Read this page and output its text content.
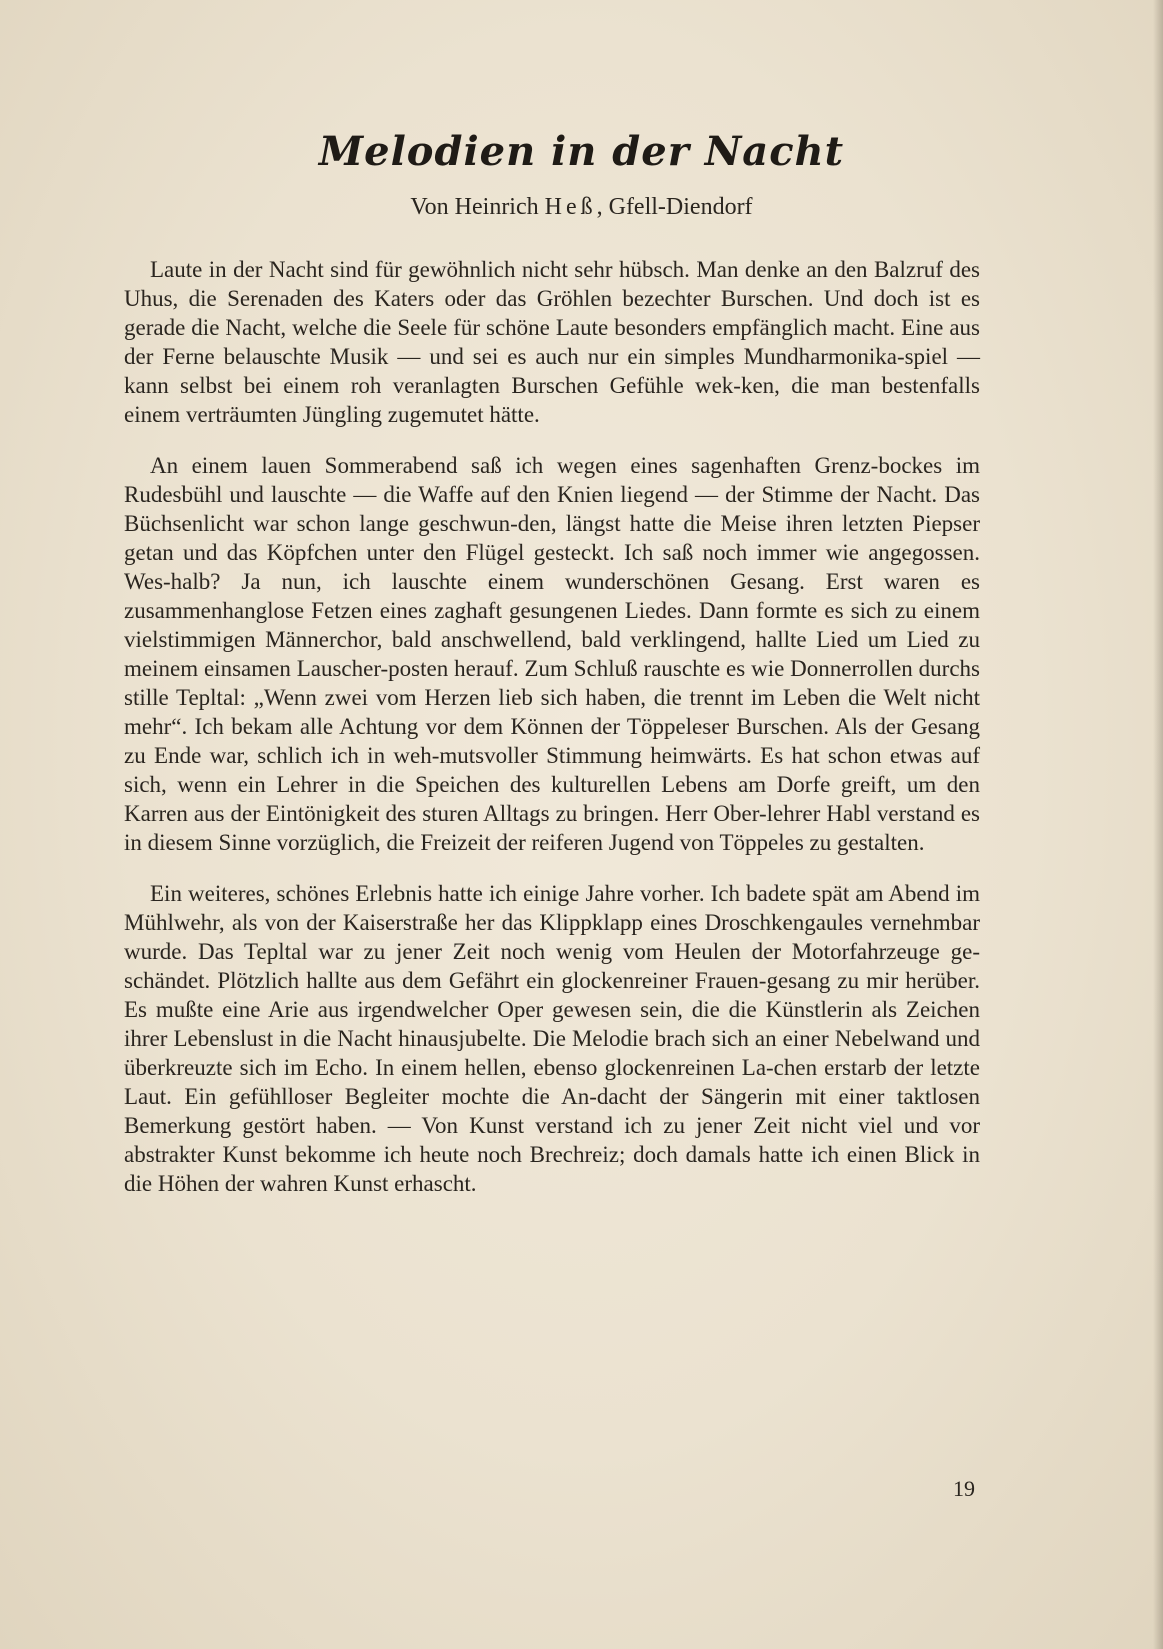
Melodien in der Nacht
Von Heinrich Heß, Gfell-Diendorf

Laute in der Nacht sind für gewöhnlich nicht sehr hübsch. Man denke an den Balzruf des Uhus, die Serenaden des Katers oder das Gröhlen bezechter Burschen. Und doch ist es gerade die Nacht, welche die Seele für schöne Laute besonders empfänglich macht. Eine aus der Ferne belauschte Musik — und sei es auch nur ein simples Mundharmonika-spiel — kann selbst bei einem roh veranlagten Burschen Gefühle wek-ken, die man bestenfalls einem verträumten Jüngling zugemutet hätte.

An einem lauen Sommerabend saß ich wegen eines sagenhaften Grenz-bockes im Rudesbühl und lauschte — die Waffe auf den Knien liegend — der Stimme der Nacht. Das Büchsenlicht war schon lange geschwun-den, längst hatte die Meise ihren letzten Piepser getan und das Köpfchen unter den Flügel gesteckt. Ich saß noch immer wie angegossen. Wes-halb? Ja nun, ich lauschte einem wunderschönen Gesang. Erst waren es zusammenhanglose Fetzen eines zaghaft gesungenen Liedes. Dann formte es sich zu einem vielstimmigen Männerchor, bald anschwellend, bald verklingend, hallte Lied um Lied zu meinem einsamen Lauscher-posten herauf. Zum Schluß rauschte es wie Donnerrollen durchs stille Tepltal: „Wenn zwei vom Herzen lieb sich haben, die trennt im Leben die Welt nicht mehr“. Ich bekam alle Achtung vor dem Können der Töppeleser Burschen. Als der Gesang zu Ende war, schlich ich in weh-mutsvoller Stimmung heimwärts. Es hat schon etwas auf sich, wenn ein Lehrer in die Speichen des kulturellen Lebens am Dorfe greift, um den Karren aus der Eintönigkeit des sturen Alltags zu bringen. Herr Ober-lehrer Habl verstand es in diesem Sinne vorzüglich, die Freizeit der reiferen Jugend von Töppeles zu gestalten.

Ein weiteres, schönes Erlebnis hatte ich einige Jahre vorher. Ich badete spät am Abend im Mühlwehr, als von der Kaiserstraße her das Klippklapp eines Droschkengaules vernehmbar wurde. Das Tepltal war zu jener Zeit noch wenig vom Heulen der Motorfahrzeuge ge-schändet. Plötzlich hallte aus dem Gefährt ein glockenreiner Frauen-gesang zu mir herüber. Es mußte eine Arie aus irgendwelcher Oper gewesen sein, die die Künstlerin als Zeichen ihrer Lebenslust in die Nacht hinausjubelte. Die Melodie brach sich an einer Nebelwand und überkreuzte sich im Echo. In einem hellen, ebenso glockenreinen La-chen erstarb der letzte Laut. Ein gefühlloser Begleiter mochte die An-dacht der Sängerin mit einer taktlosen Bemerkung gestört haben. — Von Kunst verstand ich zu jener Zeit nicht viel und vor abstrakter Kunst bekomme ich heute noch Brechreiz; doch damals hatte ich einen Blick in die Höhen der wahren Kunst erhascht.

19
